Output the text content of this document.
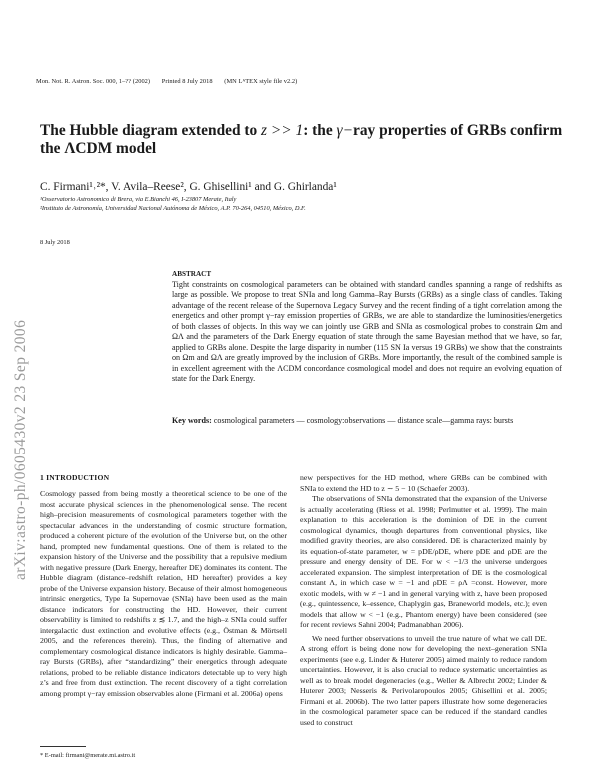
Mon. Not. R. Astron. Soc. 000, 1–?? (2002) Printed 8 July 2018 (MN LᴬTEX style file v2.2)
The Hubble diagram extended to z >> 1: the γ−ray properties of GRBs confirm the ΛCDM model
C. Firmani¹˒²*, V. Avila–Reese², G. Ghisellini¹ and G. Ghirlanda¹
¹Osservatorio Astronomico di Brera, via E.Bianchi 46, I-23807 Merate, Italy
²Instituto de Astronomía, Universidad Nacional Autónoma de México, A.P. 70-264, 04510, México, D.F.
8 July 2018
arXiv:astro-ph/0605430v2 23 Sep 2006
ABSTRACT
Tight constraints on cosmological parameters can be obtained with standard candles spanning a range of redshifts as large as possible. We propose to treat SNIa and long Gamma–Ray Bursts (GRBs) as a single class of candles. Taking advantage of the recent release of the Supernova Legacy Survey and the recent finding of a tight correlation among the energetics and other prompt γ−ray emission properties of GRBs, we are able to standardize the luminosities/energetics of both classes of objects. In this way we can jointly use GRB and SNIa as cosmological probes to constrain Ωm and ΩΛ and the parameters of the Dark Energy equation of state through the same Bayesian method that we have, so far, applied to GRBs alone. Despite the large disparity in number (115 SN Ia versus 19 GRBs) we show that the constraints on Ωm and ΩΛ are greatly improved by the inclusion of GRBs. More importantly, the result of the combined sample is in excellent agreement with the ΛCDM concordance cosmological model and does not require an evolving equation of state for the Dark Energy.
Key words: cosmological parameters — cosmology:observations — distance scale—gamma rays: bursts
1 INTRODUCTION

Cosmology passed from being mostly a theoretical science to be one of the most accurate physical sciences in the phenomenological sense. The recent high–precision measurements of cosmological parameters together with the spectacular advances in the understanding of cosmic structure formation, produced a coherent picture of the evolution of the Universe but, on the other hand, prompted new fundamental questions. One of them is related to the expansion history of the Universe and the possibility that a repulsive medium with negative pressure (Dark Energy, hereafter DE) dominates its content. The Hubble diagram (distance–redshift relation, HD hereafter) provides a key probe of the Universe expansion history. Because of their almost homogeneous intrinsic energetics, Type Ia Supernovae (SNIa) have been used as the main distance indicators for constructing the HD. However, their current observability is limited to redshifts z ≲ 1.7, and the high–z SNIa could suffer intergalactic dust extinction and evolutive effects (e.g., Östman & Mörtsell 2005, and the references therein). Thus, the finding of alternative and complementary cosmological distance indicators is highly desirable. Gamma–ray Bursts (GRBs), after “standardizing” their energetics through adequate relations, probed to be reliable distance indicators detectable up to very high z’s and free from dust extinction. The recent discovery of a tight correlation among prompt γ−ray emission observables alone (Firmani et al. 2006a) opens

new perspectives for the HD method, where GRBs can be combined with SNIa to extend the HD to z ∼ 5 − 10 (Schaefer 2003).

The observations of SNIa demonstrated that the expansion of the Universe is actually accelerating (Riess et al. 1998; Perlmutter et al. 1999). The main explanation to this acceleration is the dominion of DE in the current cosmological dynamics, though departures from conventional physics, like modified gravity theories, are also considered. DE is characterized mainly by its equation-of-state parameter, w = pDE/ρDE, where pDE and ρDE are the pressure and energy density of DE. For w < −1/3 the universe undergoes accelerated expansion. The simplest interpretation of DE is the cosmological constant Λ, in which case w = −1 and ρDE = ρΛ =const. However, more exotic models, with w ≠ −1 and in general varying with z, have been proposed (e.g., quintessence, k–essence, Chaplygin gas, Braneworld models, etc.); even models that allow w < −1 (e.g., Phantom energy) have been considered (see for recent reviews Sahni 2004; Padmanabhan 2006).

We need further observations to unveil the true nature of what we call DE. A strong effort is being done now for developing the next–generation SNIa experiments (see e.g. Linder & Huterer 2005) aimed mainly to reduce random uncertainties. However, it is also crucial to reduce systematic uncertainties as well as to break model degeneracies (e.g., Weller & Albrecht 2002; Linder & Huterer 2003; Nesseris & Perivolaropoulos 2005; Ghisellini et al. 2005; Firmani et al. 2006b). The two latter papers illustrate how some degeneracies in the cosmological parameter space can be reduced if the standard candles used to construct

* E-mail: firmani@merate.mi.astro.it
